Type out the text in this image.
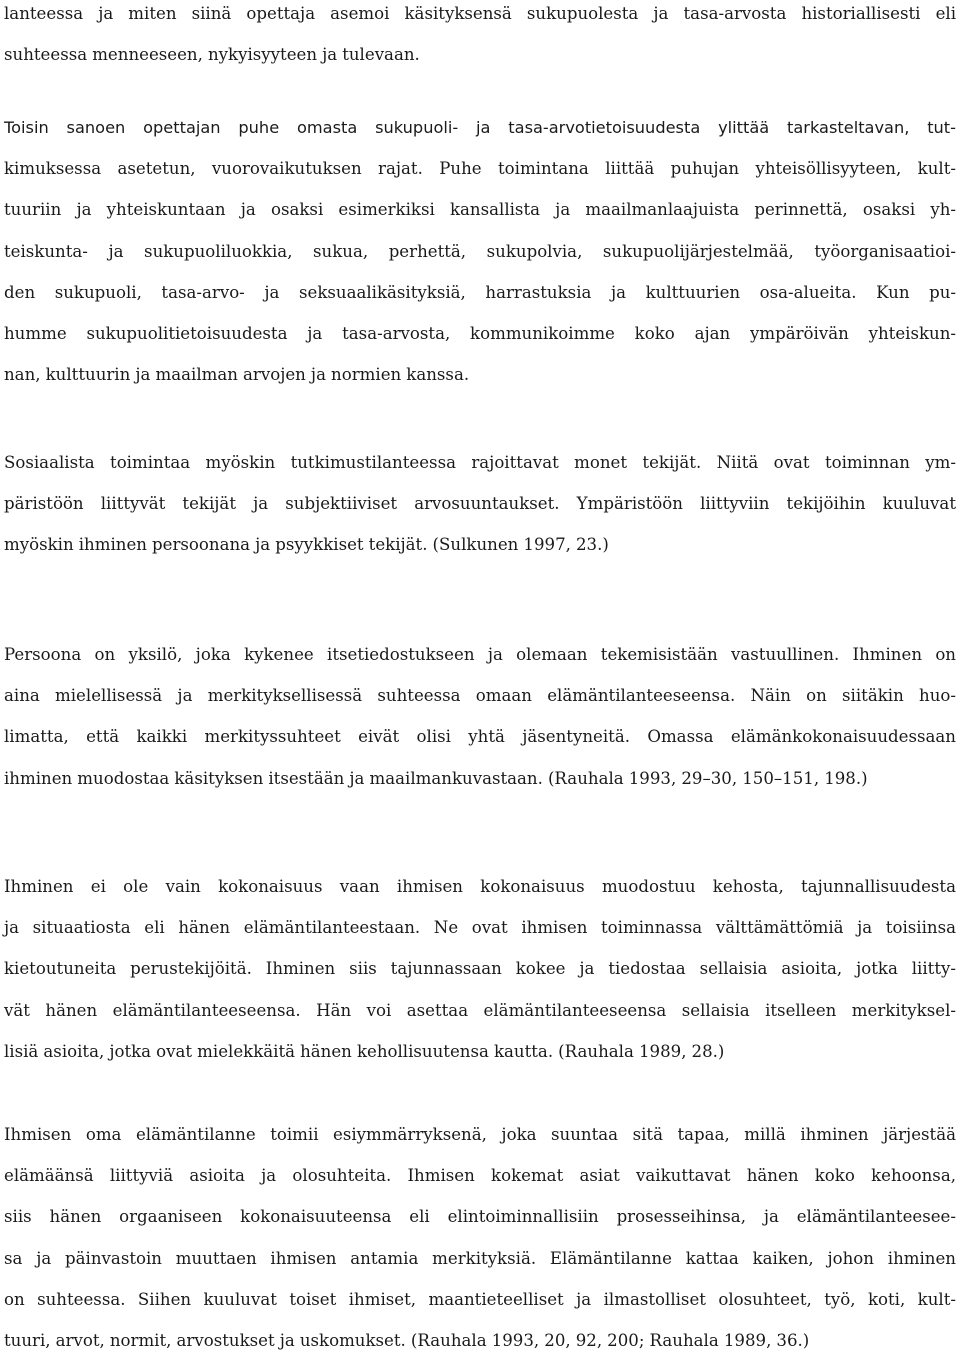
lanteessa ja miten siinä opettaja asemoi käsityksensä sukupuolesta ja tasa-arvosta historiallisesti eli
suhteessa menneeseen, nykyisyyteen ja tulevaan.

Toisin sanoen opettajan puhe omasta sukupuoli- ja tasa-arvotietoisuudesta ylittää tarkasteltavan, tut-
kimuksessa asetetun, vuorovaikutuksen rajat. Puhe toimintana liittää puhujan yhteisöllisyyteen, kult-
tuuriin ja yhteiskuntaan ja osaksi esimerkiksi kansallista ja maailmanlaajuista perinnettä, osaksi yh-
teiskunta- ja sukupuoliluokkia, sukua, perhettä, sukupolvia, sukupuolijärjestelmää, työorganisaatioi-
den sukupuoli, tasa-arvo- ja seksuaalikäsityksiä, harrastuksia ja kulttuurien osa-alueita. Kun pu-
humme sukupuolitietoisuudesta ja tasa-arvosta, kommunikoimme koko ajan ympäröivän yhteiskun-
nan, kulttuurin ja maailman arvojen ja normien kanssa.

Sosiaalista toimintaa myöskin tutkimustilanteessa rajoittavat monet tekijät. Niitä ovat toiminnan ym-
päristöön liittyvät tekijät ja subjektiiviset arvosuuntaukset. Ympäristöön liittyviin tekijöihin kuuluvat
myöskin ihminen persoonana ja psyykkiset tekijät. (Sulkunen 1997, 23.)

Persoona on yksilö, joka kykenee itsetiedostukseen ja olemaan tekemisistään vastuullinen. Ihminen on
aina mielellisessä ja merkityksellisessä suhteessa omaan elämäntilanteeseensa. Näin on siitäkin huo-
limatta, että kaikki merkityssuhteet eivät olisi yhtä jäsentyneitä. Omassa elämänkokonaisuudessaan
ihminen muodostaa käsityksen itsestään ja maailmankuvastaan. (Rauhala 1993, 29–30, 150–151, 198.)

Ihminen ei ole vain kokonaisuus vaan ihmisen kokonaisuus muodostuu kehosta, tajunnallisuudesta
ja situaatiosta eli hänen elämäntilanteestaan. Ne ovat ihmisen toiminnassa välttämättömiä ja toisiinsa
kietoutuneita perustekijöitä. Ihminen siis tajunnassaan kokee ja tiedostaa sellaisia asioita, jotka liitty-
vät hänen elämäntilanteeseensa. Hän voi asettaa elämäntilanteeseensa sellaisia itselleen merkityksel-
lisiä asioita, jotka ovat mielekkäitä hänen kehollisuutensa kautta. (Rauhala 1989, 28.)

Ihmisen oma elämäntilanne toimii esiymmärryksenä, joka suuntaa sitä tapaa, millä ihminen järjestää
elämäänsä liittyviä asioita ja olosuhteita. Ihmisen kokemat asiat vaikuttavat hänen koko kehoonsa,
siis hänen orgaaniseen kokonaisuuteensa eli elintoiminnallisiin prosesseihinsa, ja elämäntilanteesee-
sa ja päinvastoin muuttaen ihmisen antamia merkityksiä. Elämäntilanne kattaa kaiken, johon ihminen
on suhteessa. Siihen kuuluvat toiset ihmiset, maantieteelliset ja ilmastolliset olosuhteet, työ, koti, kult-
tuuri, arvot, normit, arvostukset ja uskomukset. (Rauhala 1993, 20, 92, 200; Rauhala 1989, 36.)
